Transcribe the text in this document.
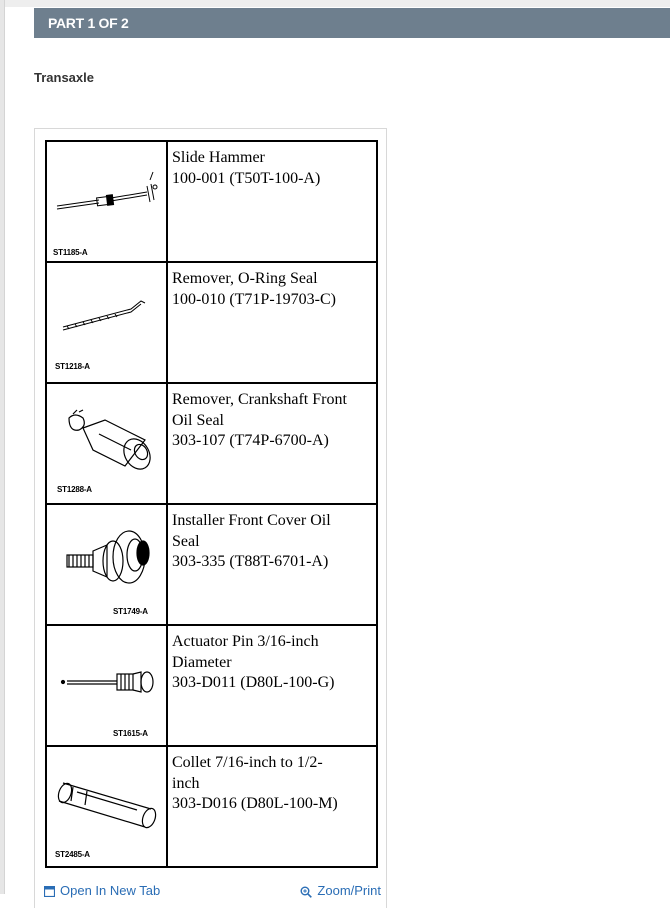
PART 1 OF 2
Transaxle
ST1185-A	Slide Hammer
100-001 (T50T-100-A)

ST1218-A	Remover, O-Ring Seal
100-010 (T71P-19703-C)

ST1288-A	Remover, Crankshaft Front
Oil Seal
303-107 (T74P-6700-A)

ST1749-A	Installer Front Cover Oil
Seal
303-335 (T88T-6701-A)

ST1615-A	Actuator Pin 3/16-inch
Diameter
303-D011 (D80L-100-G)

ST2485-A	Collet 7/16-inch to 1/2-
inch
303-D016 (D80L-100-M)
Open In New Tab	Zoom/Print
